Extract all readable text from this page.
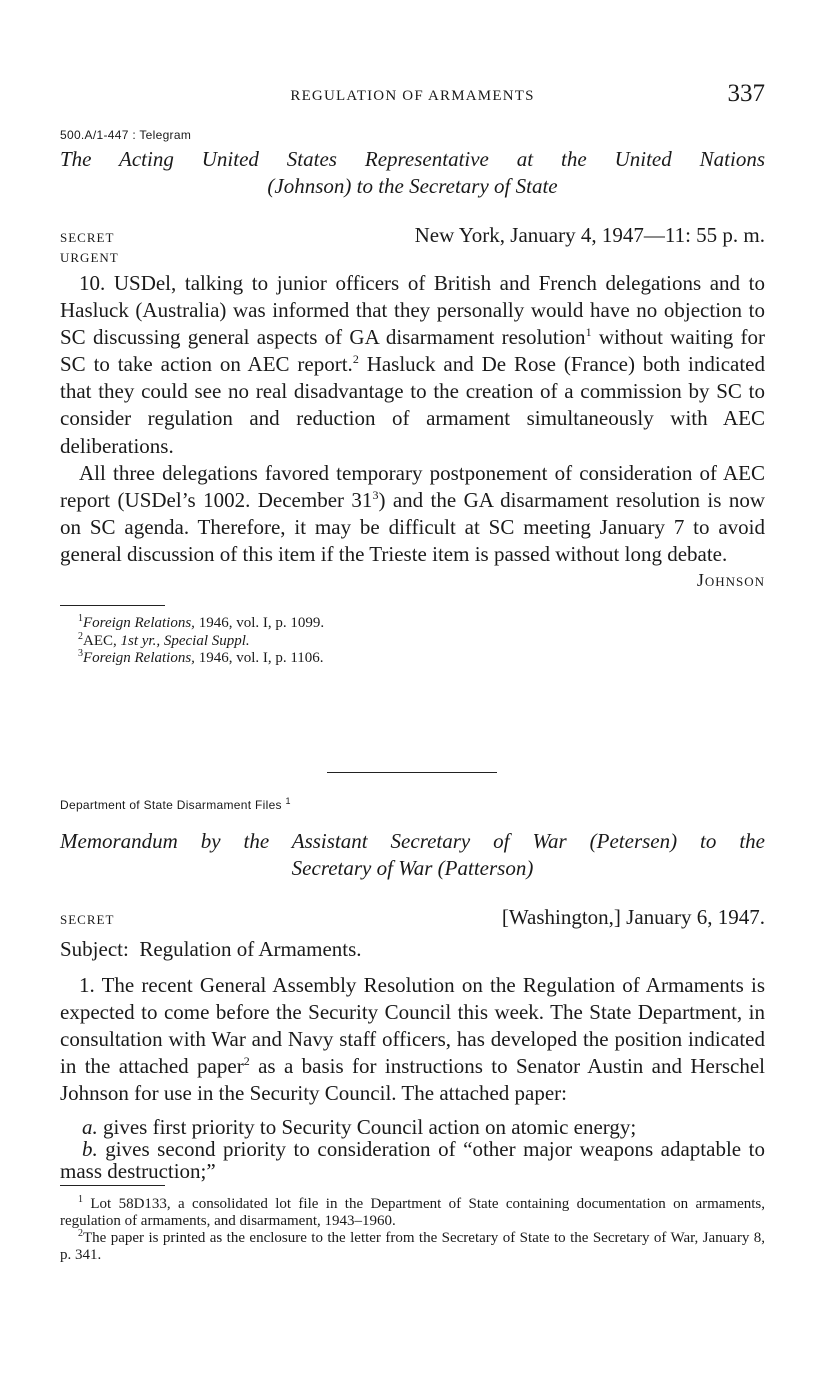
REGULATION OF ARMAMENTS	337
500.A/1-447 : Telegram
The Acting United States Representative at the United Nations
(Johnson) to the Secretary of State
SECRET	New York, January 4, 1947—11: 55 p. m.
URGENT

10. USDel, talking to junior officers of British and French delegations and to Hasluck (Australia) was informed that they personally would have no objection to SC discussing general aspects of GA disarmament resolution$^1$ without waiting for SC to take action on AEC report.$^2$ Hasluck and De Rose (France) both indicated that they could see no real disadvantage to the creation of a commission by SC to consider regulation and reduction of armament simultaneously with AEC deliberations.

All three delegations favored temporary postponement of consideration of AEC report (USDel’s 1002. December $31^3$) and the GA disarmament resolution is now on SC agenda. Therefore, it may be difficult at SC meeting January 7 to avoid general discussion of this item if the Trieste item is passed without long debate.

Johnson

$^1$Foreign Relations, 1946, vol. I, p. 1099.

$^2$AEC, 1st yr., Special Suppl.

$^3$Foreign Relations, 1946, vol. I, p. 1106.

Department of State Disarmament Files $^1$
Memorandum by the Assistant Secretary of War (Petersen) to the
Secretary of War (Patterson)
SECRET	[Washington,] January 6, 1947.
Subject: Regulation of Armaments.

1. The recent General Assembly Resolution on the Regulation of Armaments is expected to come before the Security Council this week. The State Department, in consultation with War and Navy staff officers, has developed the position indicated in the attached paper$^2$ as a basis for instructions to Senator Austin and Herschel Johnson for use in the Security Council. The attached paper:

a. gives first priority to Security Council action on atomic energy;

b. gives second priority to consideration of “other major weapons adaptable to mass destruction;”

$^1$ Lot 58D133, a consolidated lot file in the Department of State containing documentation on armaments, regulation of armaments, and disarmament, 1943–1960.

$^2$The paper is printed as the enclosure to the letter from the Secretary of State to the Secretary of War, January 8, p. 341.
